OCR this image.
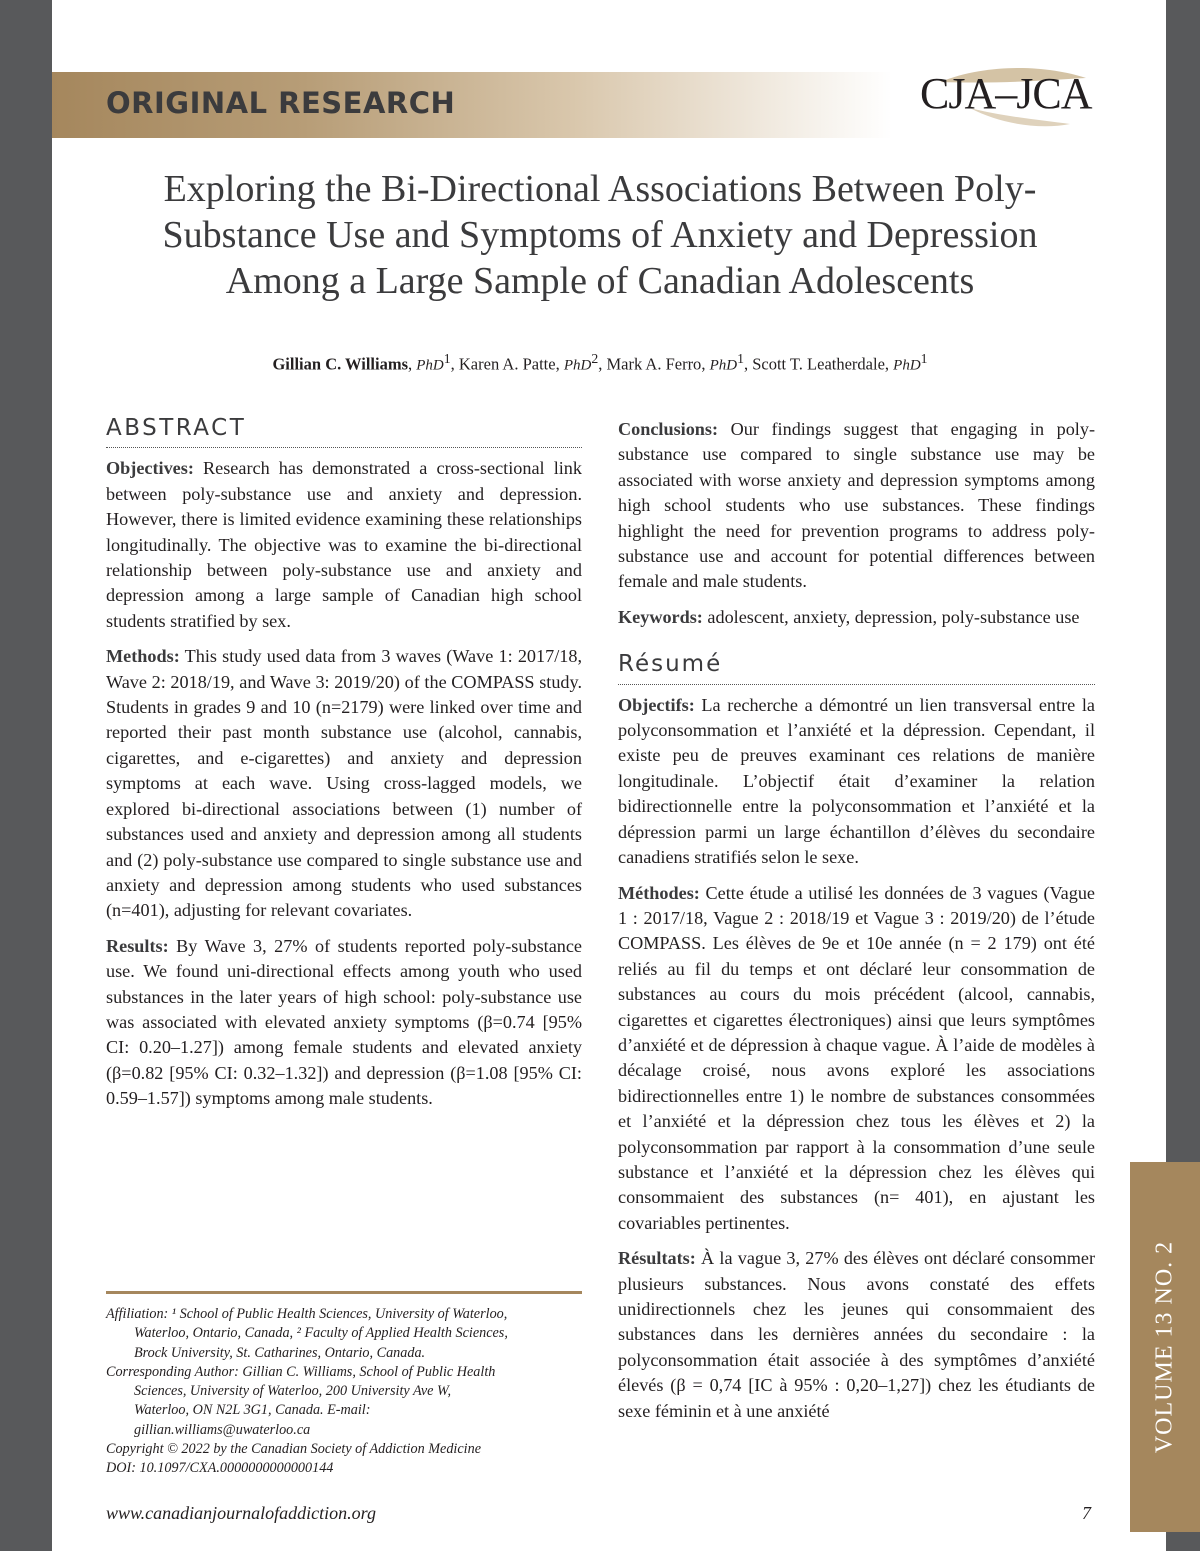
ORIGINAL RESEARCH	CJA–JCA
Exploring the Bi-Directional Associations Between Poly-Substance Use and Symptoms of Anxiety and Depression Among a Large Sample of Canadian Adolescents
Gillian C. Williams, PhD$^1$, Karen A. Patte, PhD$^2$, Mark A. Ferro, PhD$^1$, Scott T. Leatherdale, PhD$^1$
ABSTRACT

Objectives: Research has demonstrated a cross-sectional link between poly-substance use and anxiety and depression. However, there is limited evidence examining these relationships longitudinally. The objective was to examine the bi-directional relationship between poly-substance use and anxiety and depression among a large sample of Canadian high school students stratified by sex.

Methods: This study used data from 3 waves (Wave 1: 2017/18, Wave 2: 2018/19, and Wave 3: 2019/20) of the COMPASS study. Students in grades 9 and 10 (n=2179) were linked over time and reported their past month substance use (alcohol, cannabis, cigarettes, and e-cigarettes) and anxiety and depression symptoms at each wave. Using cross-lagged models, we explored bi-directional associations between (1) number of substances used and anxiety and depression among all students and (2) poly-substance use compared to single substance use and anxiety and depression among students who used substances (n=401), adjusting for relevant covariates.

Results: By Wave 3, 27% of students reported poly-substance use. We found uni-directional effects among youth who used substances in the later years of high school: poly-substance use was associated with elevated anxiety symptoms (β=0.74 [95% CI: 0.20–1.27]) among female students and elevated anxiety (β=0.82 [95% CI: 0.32–1.32]) and depression (β=1.08 [95% CI: 0.59–1.57]) symptoms among male students.

Conclusions: Our findings suggest that engaging in poly-substance use compared to single substance use may be associated with worse anxiety and depression symptoms among high school students who use substances. These findings highlight the need for prevention programs to address poly-substance use and account for potential differences between female and male students.

Keywords: adolescent, anxiety, depression, poly-substance use

Résumé

Objectifs: La recherche a démontré un lien transversal entre la polyconsommation et l’anxiété et la dépression. Cependant, il existe peu de preuves examinant ces relations de manière longitudinale. L’objectif était d’examiner la relation bidirectionnelle entre la polyconsommation et l’anxiété et la dépression parmi un large échantillon d’élèves du secondaire canadiens stratifiés selon le sexe.

Méthodes: Cette étude a utilisé les données de 3 vagues (Vague 1 : 2017/18, Vague 2 : 2018/19 et Vague 3 : 2019/20) de l’étude COMPASS. Les élèves de 9e et 10e année (n = 2 179) ont été reliés au fil du temps et ont déclaré leur consommation de substances au cours du mois précédent (alcool, cannabis, cigarettes et cigarettes électroniques) ainsi que leurs symptômes d’anxiété et de dépression à chaque vague. À l’aide de modèles à décalage croisé, nous avons exploré les associations bidirectionnelles entre 1) le nombre de substances consommées et l’anxiété et la dépression chez tous les élèves et 2) la polyconsommation par rapport à la consommation d’une seule substance et l’anxiété et la dépression chez les élèves qui consommaient des substances (n= 401), en ajustant les covariables pertinentes.

Résultats: À la vague 3, 27% des élèves ont déclaré consommer plusieurs substances. Nous avons constaté des effets unidirectionnels chez les jeunes qui consommaient des substances dans les dernières années du secondaire : la polyconsommation était associée à des symptômes d’anxiété élevés (β = 0,74 [IC à 95% : 0,20–1,27]) chez les étudiants de sexe féminin et à une anxiété

Affiliation: ¹ School of Public Health Sciences, University of Waterloo,
Waterloo, Ontario, Canada, ² Faculty of Applied Health Sciences,
Brock University, St. Catharines, Ontario, Canada.
Corresponding Author: Gillian C. Williams, School of Public Health
Sciences, University of Waterloo, 200 University Ave W,
Waterloo, ON N2L 3G1, Canada. E-mail:
gillian.williams@uwaterloo.ca
Copyright © 2022 by the Canadian Society of Addiction Medicine
DOI: 10.1097/CXA.0000000000000144
VOLUME 13 NO. 2
www.canadianjournalofaddiction.org	7
